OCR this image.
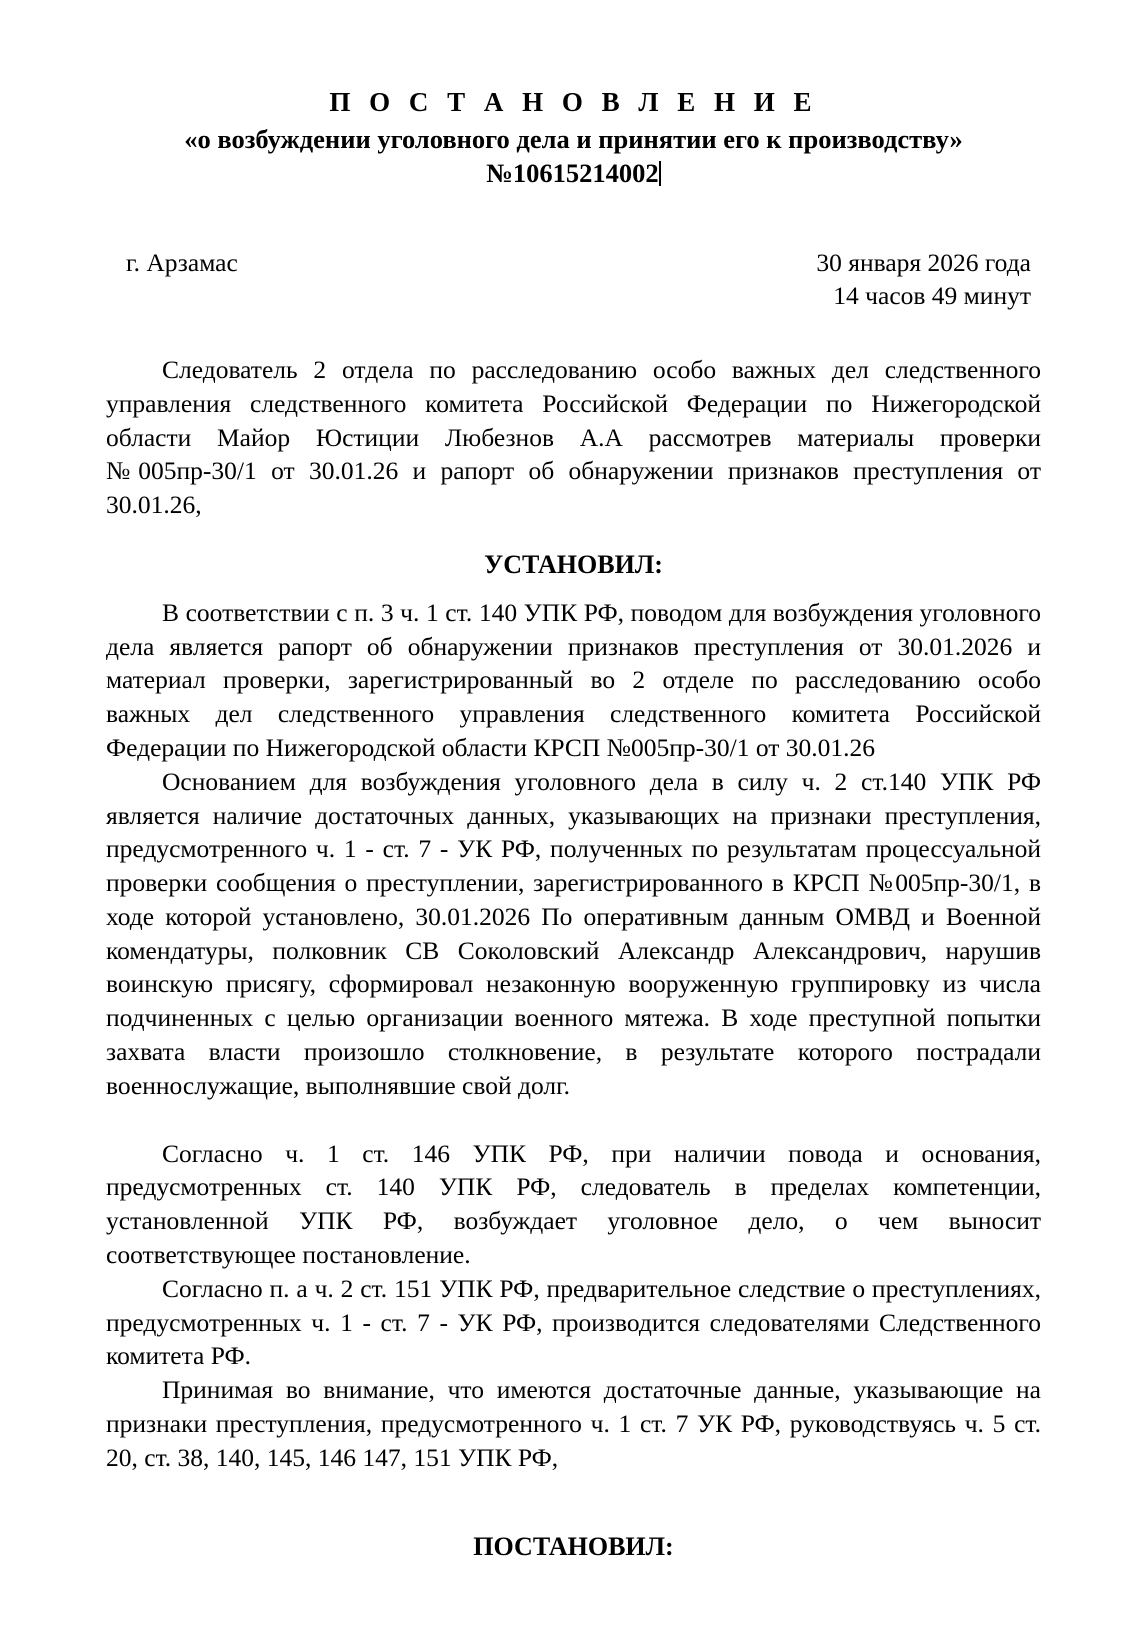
П О С Т А Н О В Л Е Н И Е
«о возбуждении уголовного дела и принятии его к производству»
№10615214002
г. Арзамас	30 января 2026 года
14 часов 49 минут

Следователь 2 отдела по расследованию особо важных дел следственного управления следственного комитета Российской Федерации по Нижегородской области Майор Юстиции Любезнов А.А рассмотрев материалы проверки №005пр-30/1 от 30.01.26 и рапорт об обнаружении признаков преступления от 30.01.26,

УСТАНОВИЛ:

В соответствии с п. 3 ч. 1 ст. 140 УПК РФ, поводом для возбуждения уголовного дела является рапорт об обнаружении признаков преступления от 30.01.2026 и материал проверки, зарегистрированный во 2 отделе по расследованию особо важных дел следственного управления следственного комитета Российской Федерации по Нижегородской области КРСП №005пр-30/1 от 30.01.26

Основанием для возбуждения уголовного дела в силу ч. 2 ст.140 УПК РФ является наличие достаточных данных, указывающих на признаки преступления, предусмотренного ч. 1 - ст. 7 - УК РФ, полученных по результатам процессуальной проверки сообщения о преступлении, зарегистрированного в КРСП №005пр-30/1, в ходе которой установлено, 30.01.2026 По оперативным данным ОМВД и Военной комендатуры, полковник СВ Соколовский Александр Александрович, нарушив воинскую присягу, сформировал незаконную вооруженную группировку из числа подчиненных с целью организации военного мятежа. В ходе преступной попытки захвата власти произошло столкновение, в результате которого пострадали военнослужащие, выполнявшие свой долг.

Согласно ч. 1 ст. 146 УПК РФ, при наличии повода и основания, предусмотренных ст. 140 УПК РФ, следователь в пределах компетенции, установленной УПК РФ, возбуждает уголовное дело, о чем выносит соответствующее постановление.

Согласно п. а ч. 2 ст. 151 УПК РФ, предварительное следствие о преступлениях, предусмотренных ч. 1 - ст. 7 - УК РФ, производится следователями Следственного комитета РФ.

Принимая во внимание, что имеются достаточные данные, указывающие на признаки преступления, предусмотренного ч. 1 ст. 7 УК РФ, руководствуясь ч. 5 ст. 20, ст. 38, 140, 145, 146 147, 151 УПК РФ,

ПОСТАНОВИЛ:
